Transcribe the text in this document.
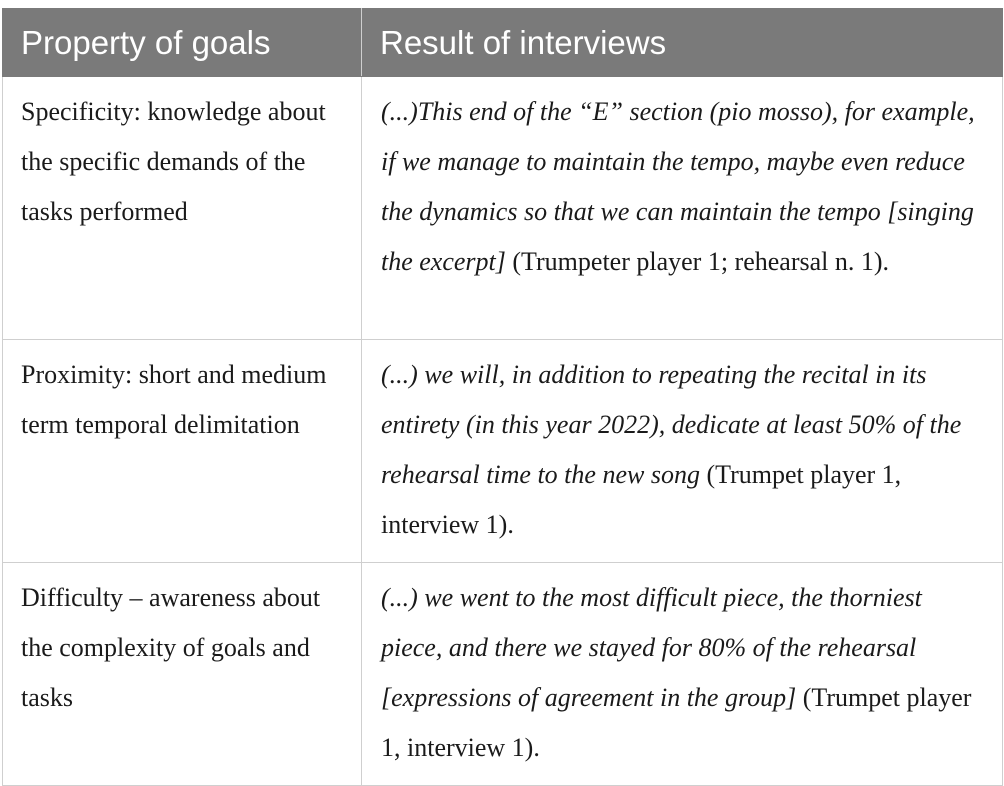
Property of goals	Result of interviews

Specificity: knowledge about the specific demands of the tasks performed	(...)This end of the “E” section (pio mosso), for example, if we manage to maintain the tempo, maybe even reduce the dynamics so that we can maintain the tempo [singing the excerpt] (Trumpeter player 1; rehearsal n. 1).

Proximity: short and medium term temporal delimitation	(...) we will, in addition to repeating the recital in its entirety (in this year 2022), dedicate at least 50% of the rehearsal time to the new song (Trumpet player 1, interview 1).

Difficulty – awareness about the complexity of goals and tasks	(...) we went to the most difficult piece, the thorniest piece, and there we stayed for 80% of the rehearsal [expressions of agreement in the group] (Trumpet player 1, interview 1).
